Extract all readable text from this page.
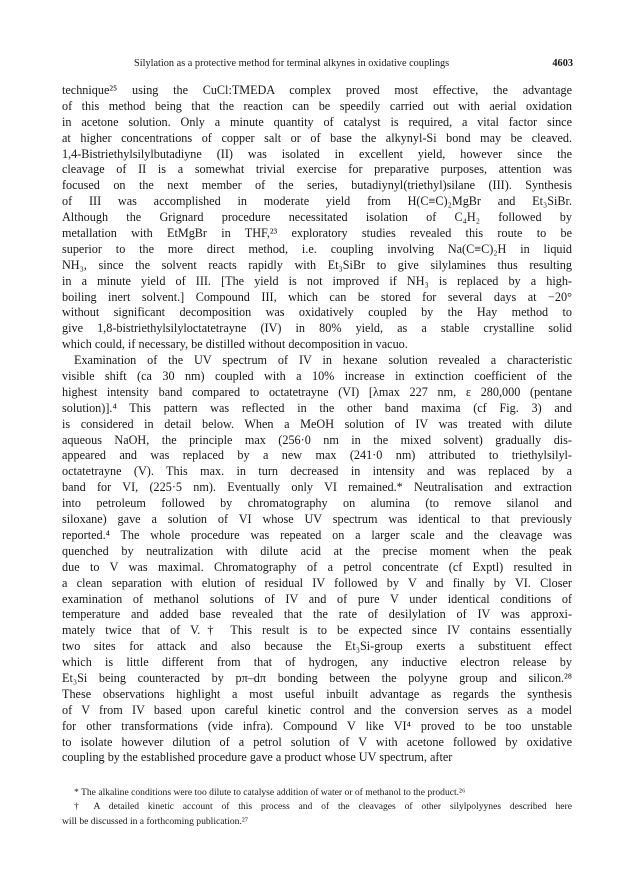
Silylation as a protective method for terminal alkynes in oxidative couplings	4603
technique²⁵ using the CuCl:TMEDA complex proved most effective, the advantage
of this method being that the reaction can be speedily carried out with aerial oxidation
in acetone solution. Only a minute quantity of catalyst is required, a vital factor since
at higher concentrations of copper salt or of base the alkynyl-Si bond may be cleaved.
1,4-Bistriethylsilylbutadiyne (II) was isolated in excellent yield, however since the
cleavage of II is a somewhat trivial exercise for preparative purposes, attention was
focused on the next member of the series, butadiynyl(triethyl)silane (III). Synthesis
of III was accomplished in moderate yield from H(C≡C)₂MgBr and Et₃SiBr.
Although the Grignard procedure necessitated isolation of C₄H₂ followed by
metallation with EtMgBr in THF,²³ exploratory studies revealed this route to be
superior to the more direct method, i.e. coupling involving Na(C≡C)₂H in liquid
NH₃, since the solvent reacts rapidly with Et₃SiBr to give silylamines thus resulting
in a minute yield of III. [The yield is not improved if NH₃ is replaced by a high-
boiling inert solvent.] Compound III, which can be stored for several days at −20°
without significant decomposition was oxidatively coupled by the Hay method to
give 1,8-bistriethylsilyloctatetrayne (IV) in 80% yield, as a stable crystalline solid
which could, if necessary, be distilled without decomposition in vacuo.
Examination of the UV spectrum of IV in hexane solution revealed a characteristic
visible shift (ca 30 nm) coupled with a 10% increase in extinction coefficient of the
highest intensity band compared to octatetrayne (VI) [λmax 227 nm, ε 280,000 (pentane
solution)].⁴ This pattern was reflected in the other band maxima (cf Fig. 3) and
is considered in detail below. When a MeOH solution of IV was treated with dilute
aqueous NaOH, the principle max (256·0 nm in the mixed solvent) gradually dis-
appeared and was replaced by a new max (241·0 nm) attributed to triethylsilyl-
octatetrayne (V). This max. in turn decreased in intensity and was replaced by a
band for VI, (225·5 nm). Eventually only VI remained.* Neutralisation and extraction
into petroleum followed by chromatography on alumina (to remove silanol and
siloxane) gave a solution of VI whose UV spectrum was identical to that previously
reported.⁴ The whole procedure was repeated on a larger scale and the cleavage was
quenched by neutralization with dilute acid at the precise moment when the peak
due to V was maximal. Chromatography of a petrol concentrate (cf Exptl) resulted in
a clean separation with elution of residual IV followed by V and finally by VI. Closer
examination of methanol solutions of IV and of pure V under identical conditions of
temperature and added base revealed that the rate of desilylation of IV was approxi-
mately twice that of V.† This result is to be expected since IV contains essentially
two sites for attack and also because the Et₃Si-group exerts a substituent effect
which is little different from that of hydrogen, any inductive electron release by
Et₃Si being counteracted by pπ–dπ bonding between the polyyne group and silicon.²⁸
These observations highlight a most useful inbuilt advantage as regards the synthesis
of V from IV based upon careful kinetic control and the conversion serves as a model
for other transformations (vide infra). Compound V like VI⁴ proved to be too unstable
to isolate however dilution of a petrol solution of V with acetone followed by oxidative
coupling by the established procedure gave a product whose UV spectrum, after
* The alkaline conditions were too dilute to catalyse addition of water or of methanol to the product.²⁶
† A detailed kinetic account of this process and of the cleavages of other silylpolyynes described here
will be discussed in a forthcoming publication.²⁷
